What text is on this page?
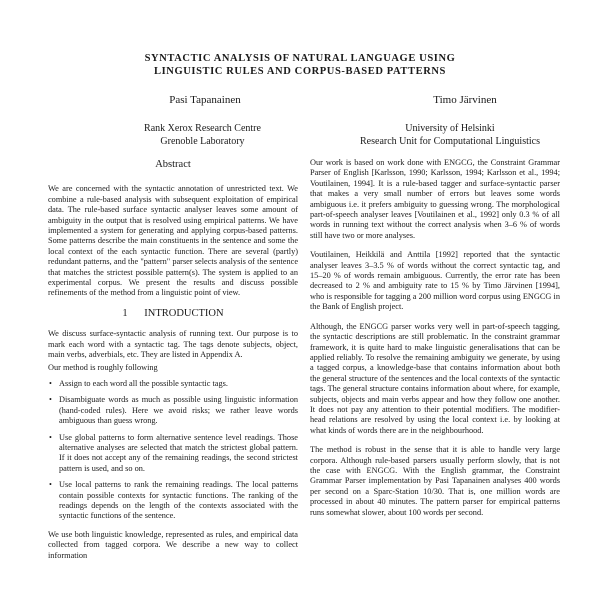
SYNTACTIC ANALYSIS OF NATURAL LANGUAGE USING
LINGUISTIC RULES AND CORPUS-BASED PATTERNS
Pasi Tapanainen	Timo Järvinen
Rank Xerox Research Centre
Grenoble Laboratory
University of Helsinki
Research Unit for Computational Linguistics
Abstract

We are concerned with the syntactic annotation of unrestricted text. We combine a rule-based analysis with subsequent exploitation of empirical data. The rule-based surface syntactic analyser leaves some amount of ambiguity in the output that is resolved using empirical patterns. We have implemented a system for generating and applying corpus-based patterns. Some patterns describe the main constituents in the sentence and some the local context of the each syntactic function. There are several (partly) redundant patterns, and the "pattern" parser selects analysis of the sentence that matches the strictest possible pattern(s). The system is applied to an experimental corpus. We present the results and discuss possible refinements of the method from a linguistic point of view.

1 INTRODUCTION

We discuss surface-syntactic analysis of running text. Our purpose is to mark each word with a syntactic tag. The tags denote subjects, object, main verbs, adverbials, etc. They are listed in Appendix A.

Our method is roughly following

• Assign to each word all the possible syntactic tags.
• Disambiguate words as much as possible using linguistic information (hand-coded rules). Here we avoid risks; we rather leave words ambiguous than guess wrong.
• Use global patterns to form alternative sentence level readings. Those alternative analyses are selected that match the strictest global pattern. If it does not accept any of the remaining readings, the second strictest pattern is used, and so on.
• Use local patterns to rank the remaining readings. The local patterns contain possible contexts for syntactic functions. The ranking of the readings depends on the length of the contexts associated with the syntactic functions of the sentence.

We use both linguistic knowledge, represented as rules, and empirical data collected from tagged corpora. We describe a new way to collect information

Our work is based on work done with ENGCG, the Constraint Grammar Parser of English [Karlsson, 1990; Karlsson, 1994; Karlsson et al., 1994; Voutilainen, 1994]. It is a rule-based tagger and surface-syntactic parser that makes a very small number of errors but leaves some words ambiguous i.e. it prefers ambiguity to guessing wrong. The morphological part-of-speech analyser leaves [Voutilainen et al., 1992] only 0.3 % of all words in running text without the correct analysis when 3–6 % of words still have two or more analyses.

Voutilainen, Heikkilä and Anttila [1992] reported that the syntactic analyser leaves 3–3.5 % of words without the correct syntactic tag, and 15–20 % of words remain ambiguous. Currently, the error rate has been decreased to 2 % and ambiguity rate to 15 % by Timo Järvinen [1994], who is responsible for tagging a 200 million word corpus using ENGCG in the Bank of English project.

Although, the ENGCG parser works very well in part-of-speech tagging, the syntactic descriptions are still problematic. In the constraint grammar framework, it is quite hard to make linguistic generalisations that can be applied reliably. To resolve the remaining ambiguity we generate, by using a tagged corpus, a knowledge-base that contains information about both the general structure of the sentences and the local contexts of the syntactic tags. The general structure contains information about where, for example, subjects, objects and main verbs appear and how they follow one another. It does not pay any attention to their potential modifiers. The modifier-head relations are resolved by using the local context i.e. by looking at what kinds of words there are in the neighbourhood.

The method is robust in the sense that it is able to handle very large corpora. Although rule-based parsers usually perform slowly, that is not the case with ENGCG. With the English grammar, the Constraint Grammar Parser implementation by Pasi Tapanainen analyses 400 words per second on a Sparc-Station 10/30. That is, one million words are processed in about 40 minutes. The pattern parser for empirical patterns runs somewhat slower, about 100 words per second.
